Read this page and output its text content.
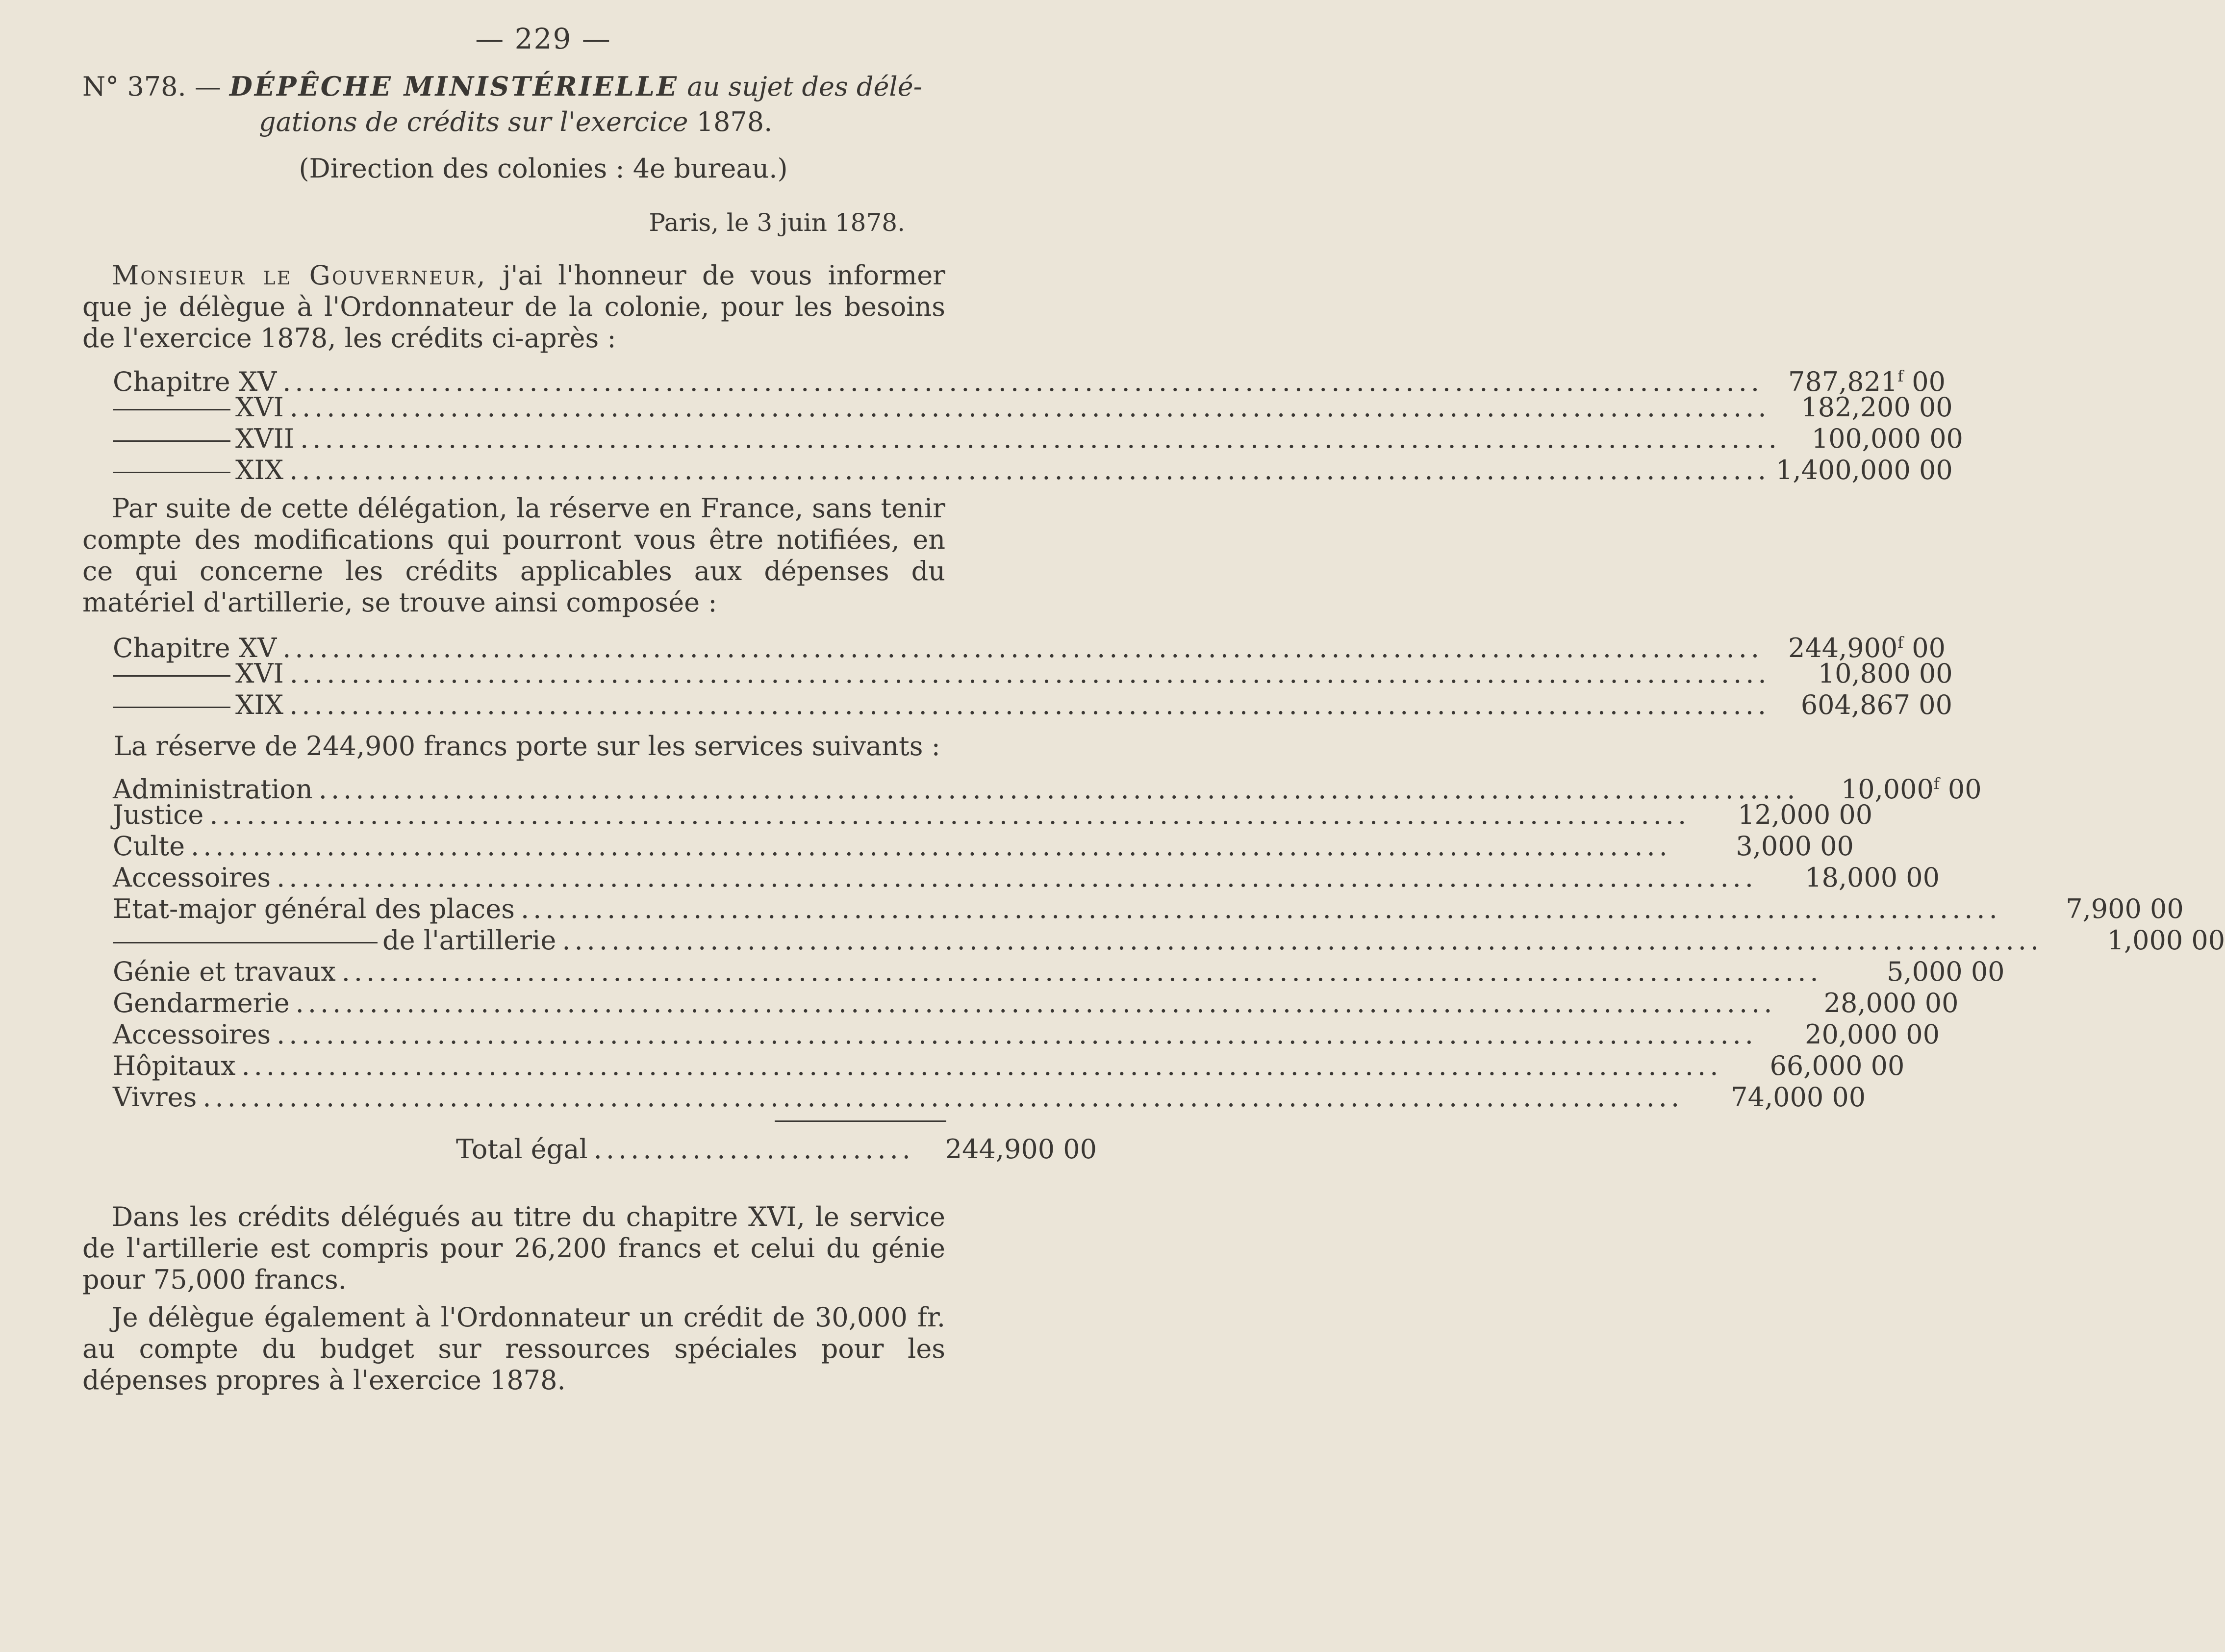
— 229 —
N° 378. — DÉPÊCHE MINISTÉRIELLE au sujet des délé-
gations de crédits sur l'exercice 1878.
(Direction des colonies : 4e bureau.)
Paris, le 3 juin 1878.
Monsieur le Gouverneur, j'ai l'honneur de vous informer que je délègue à l'Ordonnateur de la colonie, pour les besoins de l'exercice 1878, les crédits ci-après :
Chapitre XV ........................................................................................................................ 787,821$^f$ 00
XVI ........................................................................................................................	182,200 00
XVII ........................................................................................................................	100,000 00
XIX ........................................................................................................................ 1,400,000 00
Par suite de cette délégation, la réserve en France, sans tenir compte des modifications qui pourront vous être notifiées, en ce qui concerne les crédits applicables aux dépenses du matériel d'artillerie, se trouve ainsi composée :
Chapitre XV ........................................................................................................................ 244,900$^f$ 00
XVI ........................................................................................................................	10,800 00
XIX ........................................................................................................................	604,867 00
La réserve de 244,900 francs porte sur les services suivants :
Administration ........................................................................................................................	10,000$^f$ 00
Justice ........................................................................................................................	12,000 00
Culte ........................................................................................................................	3,000 00
Accessoires ........................................................................................................................	18,000 00
Etat-major général des places ........................................................................................................................	7,900 00
de l'artillerie ........................................................................................................................	1,000 00
Génie et travaux ........................................................................................................................	5,000 00
Gendarmerie ........................................................................................................................	28,000 00
Accessoires ........................................................................................................................	20,000 00
Hôpitaux ........................................................................................................................	66,000 00
Vivres ........................................................................................................................	74,000 00
Total égal ..........................	244,900 00
Dans les crédits délégués au titre du chapitre XVI, le service de l'artillerie est compris pour 26,200 francs et celui du génie pour 75,000 francs.
Je délègue également à l'Ordonnateur un crédit de 30,000 fr. au compte du budget sur ressources spéciales pour les dépenses propres à l'exercice 1878.
